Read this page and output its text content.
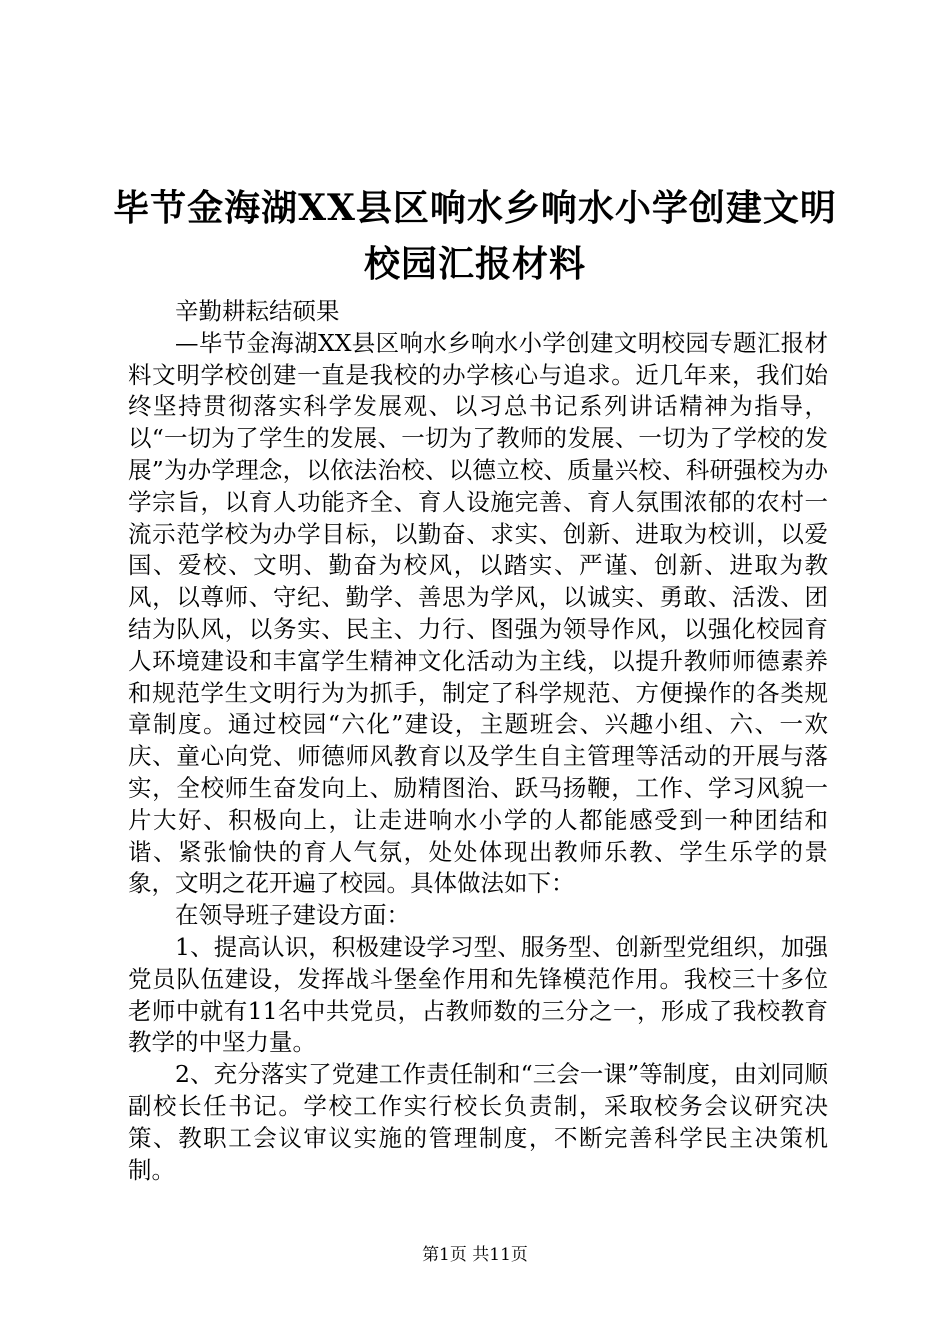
毕节金海湖XX县区响水乡响水小学创建文明
校园汇报材料

辛勤耕耘结硕果

—毕节金海湖XX县区响水乡响水小学创建文明校园专题汇报材料文明学校创建一直是我校的办学核心与追求。近几年来，我们始终坚持贯彻落实科学发展观、以习总书记系列讲话精神为指导，以“一切为了学生的发展、一切为了教师的发展、一切为了学校的发展”为办学理念，以依法治校、以德立校、质量兴校、科研强校为办学宗旨，以育人功能齐全、育人设施完善、育人氛围浓郁的农村一流示范学校为办学目标，以勤奋、求实、创新、进取为校训，以爱国、爱校、文明、勤奋为校风，以踏实、严谨、创新、进取为教风，以尊师、守纪、勤学、善思为学风，以诚实、勇敢、活泼、团结为队风，以务实、民主、力行、图强为领导作风，以强化校园育人环境建设和丰富学生精神文化活动为主线，以提升教师师德素养和规范学生文明行为为抓手，制定了科学规范、方便操作的各类规章制度。通过校园“六化”建设，主题班会、兴趣小组、六、一欢庆、童心向党、师德师风教育以及学生自主管理等活动的开展与落实，全校师生奋发向上、励精图治、跃马扬鞭，工作、学习风貌一片大好、积极向上，让走进响水小学的人都能感受到一种团结和谐、紧张愉快的育人气氛，处处体现出教师乐教、学生乐学的景象，文明之花开遍了校园。具体做法如下：

在领导班子建设方面：

1、提高认识，积极建设学习型、服务型、创新型党组织，加强党员队伍建设，发挥战斗堡垒作用和先锋模范作用。我校三十多位老师中就有11名中共党员，占教师数的三分之一，形成了我校教育教学的中坚力量。

2、充分落实了党建工作责任制和“三会一课”等制度，由刘同顺副校长任书记。学校工作实行校长负责制，采取校务会议研究决策、教职工会议审议实施的管理制度，不断完善科学民主决策机制。

第1页 共11页
